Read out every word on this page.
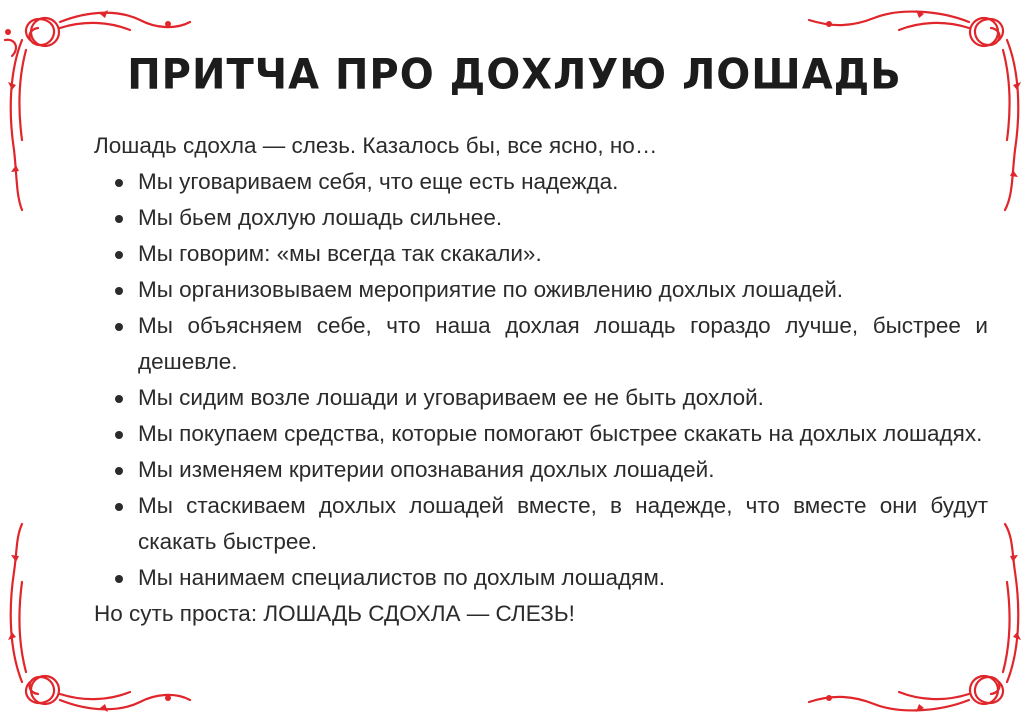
ПРИТЧА ПРО ДОХЛУЮ ЛОШАДЬ
Лошадь сдохла — слезь. Казалось бы, все ясно, но…
Мы уговариваем себя, что еще есть надежда.
Мы бьем дохлую лошадь сильнее.
Мы говорим: «мы всегда так скакали».
Мы организовываем мероприятие по оживлению дохлых лошадей.
Мы объясняем себе, что наша дохлая лошадь гораздо лучше, быстрее и дешевле.
Мы сидим возле лошади и уговариваем ее не быть дохлой.
Мы покупаем средства, которые помогают быстрее скакать на дохлых лошадях.
Мы изменяем критерии опознавания дохлых лошадей.
Мы стаскиваем дохлых лошадей вместе, в надежде, что вместе они будут скакать быстрее.
Мы нанимаем специалистов по дохлым лошадям.
Но суть проста: ЛОШАДЬ СДОХЛА — СЛЕЗЬ!
